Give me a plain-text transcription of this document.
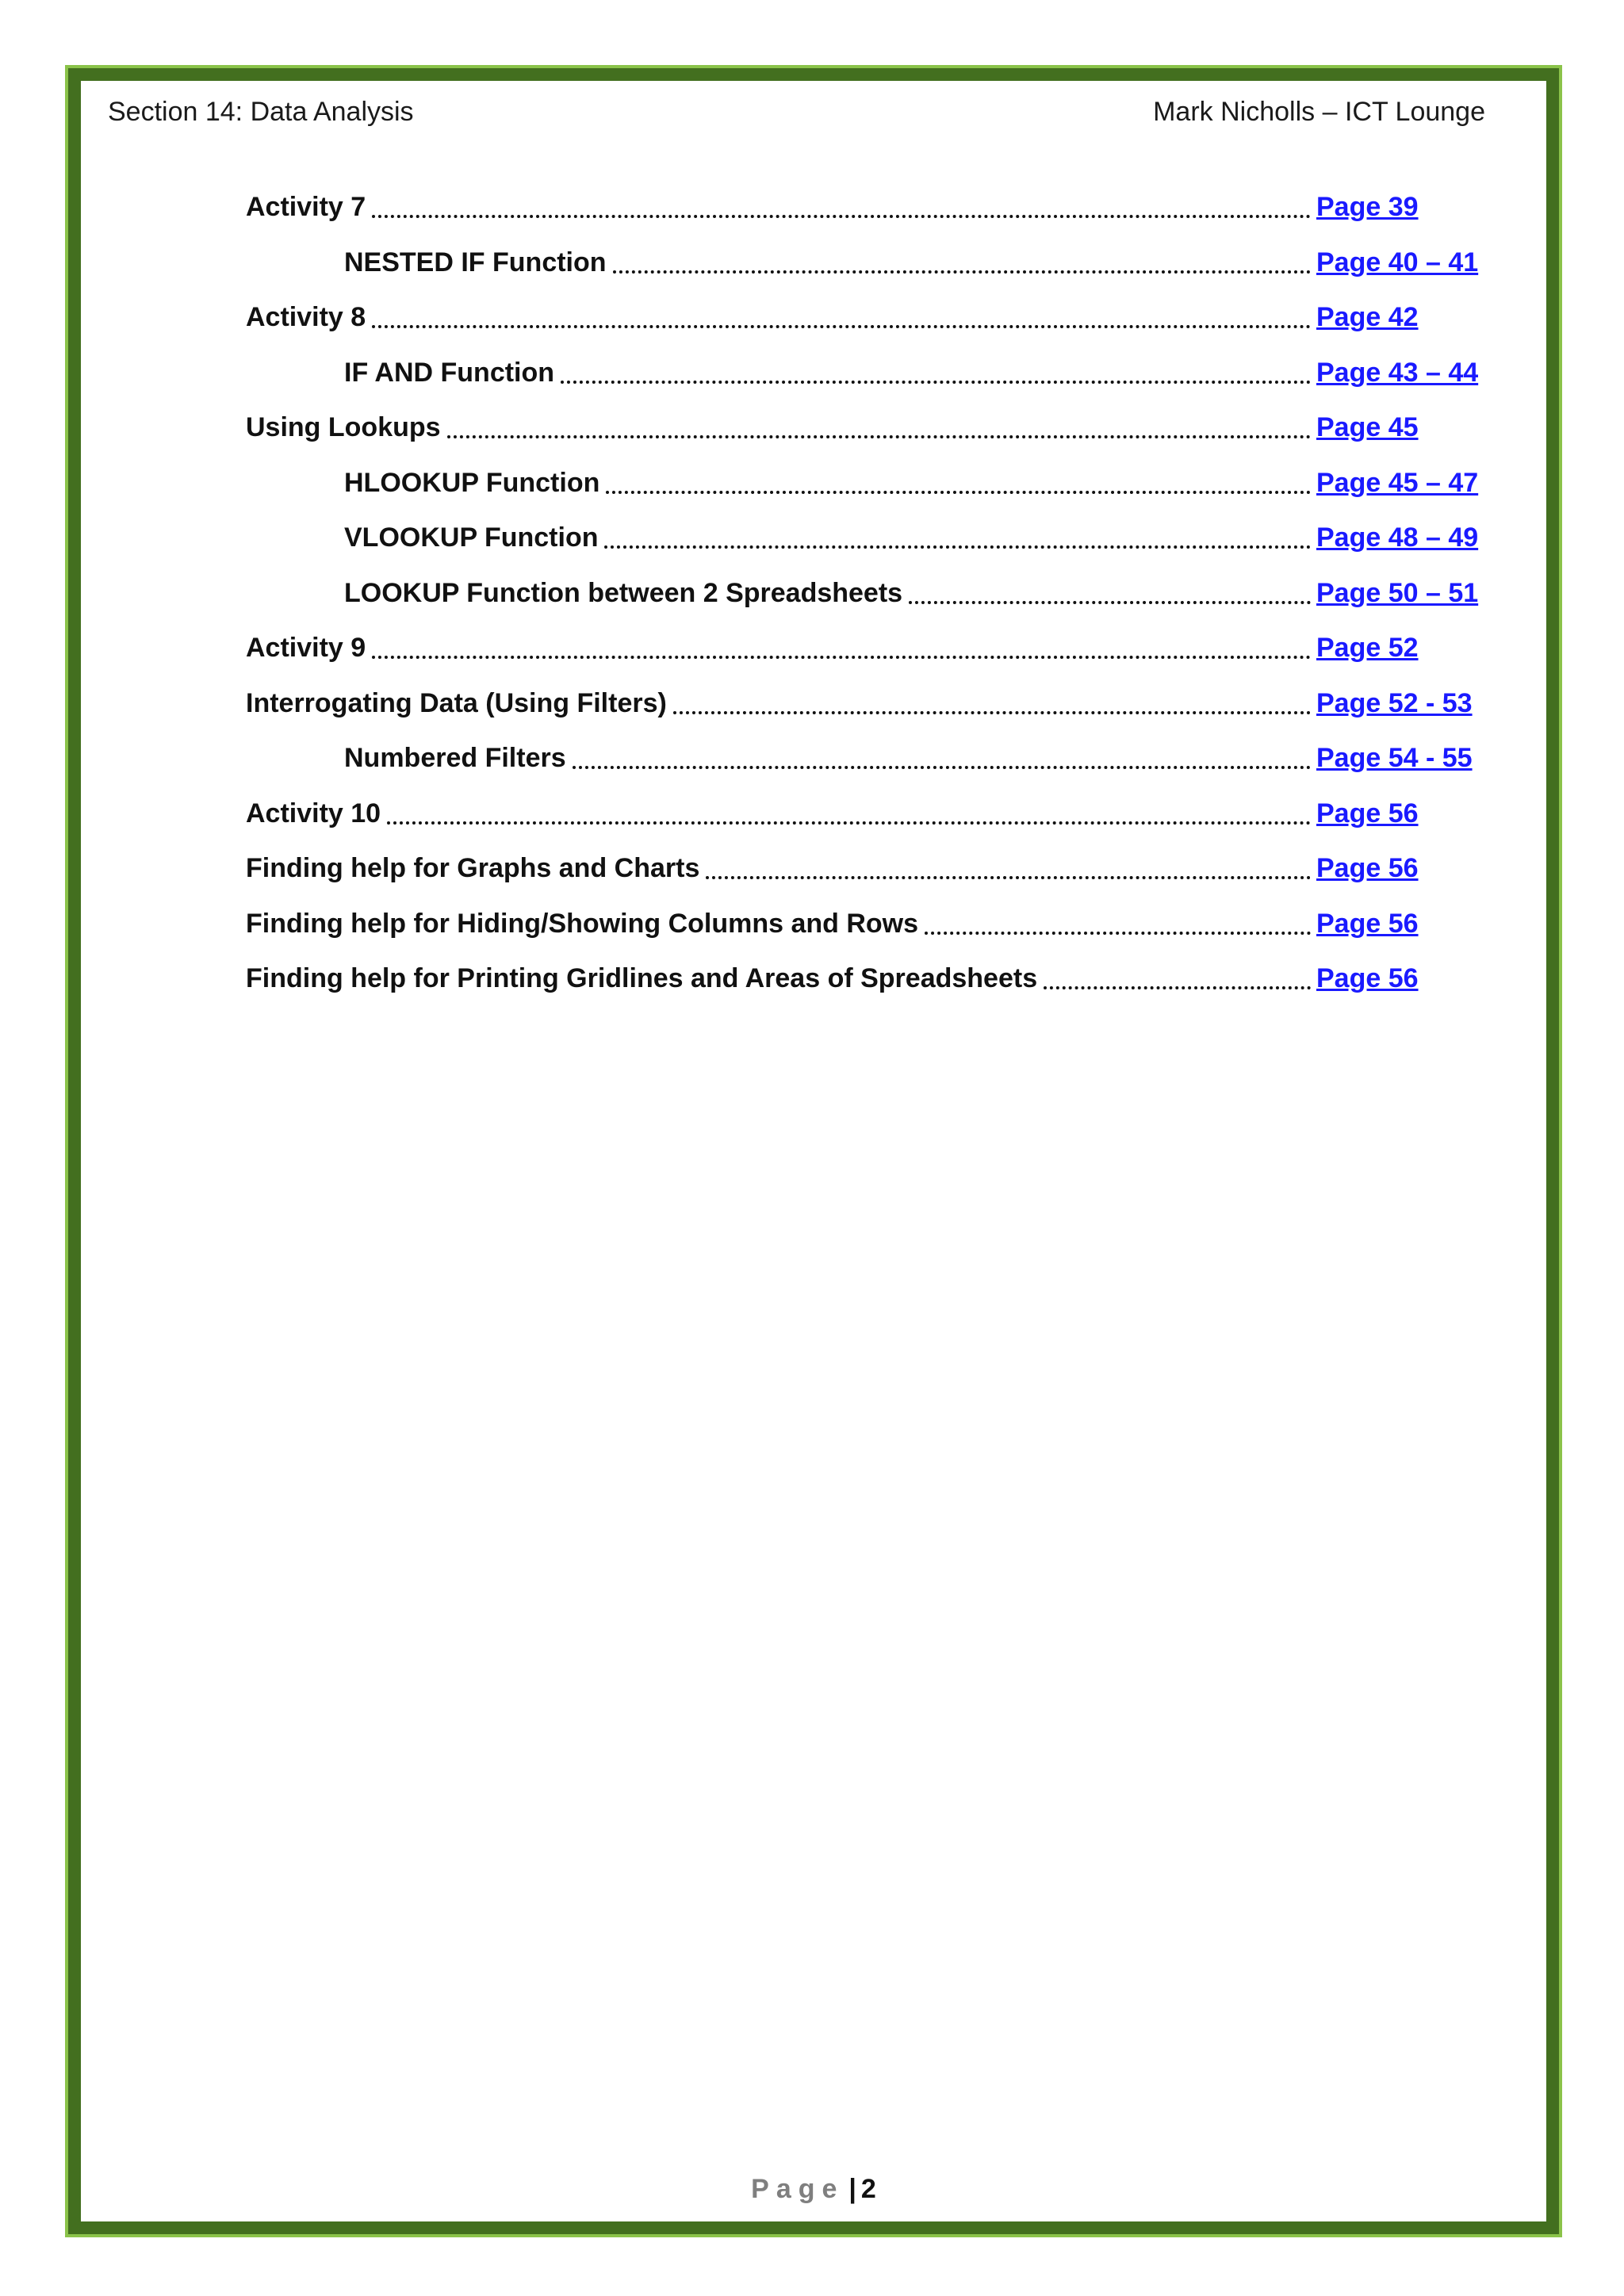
Section 14: Data Analysis	Mark Nicholls – ICT Lounge
Activity 7	Page 39
NESTED IF Function	Page 40 – 41
Activity 8	Page 42
IF AND Function	Page 43 – 44
Using Lookups	Page 45
HLOOKUP Function	Page 45 – 47
VLOOKUP Function	Page 48 – 49
LOOKUP Function between 2 Spreadsheets	Page 50 – 51
Activity 9	Page 52
Interrogating Data (Using Filters)	Page 52 - 53
Numbered Filters	Page 54 - 55
Activity 10	Page 56
Finding help for Graphs and Charts	Page 56
Finding help for Hiding/Showing Columns and Rows	Page 56
Finding help for Printing Gridlines and Areas of Spreadsheets	Page 56
Page | 2
